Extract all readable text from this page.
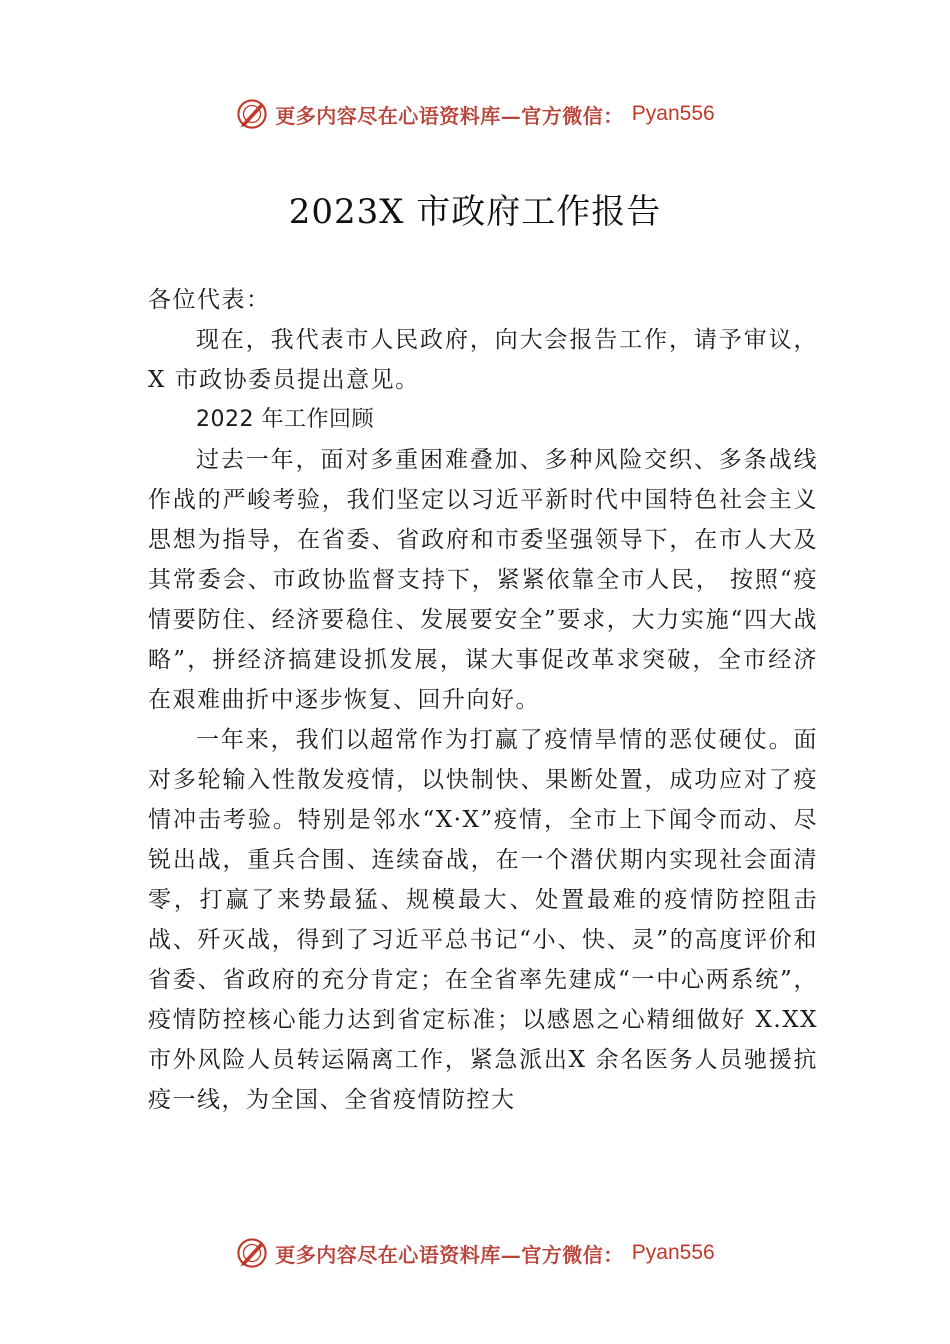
更多内容尽在心语资料库—官方微信： Pyan556
2023X 市政府工作报告

各位代表：

现在，我代表市人民政府，向大会报告工作，请予审议，X 市政协委员提出意见。

2022 年工作回顾

过去一年，面对多重困难叠加、多种风险交织、多条战线作战的严峻考验，我们坚定以习近平新时代中国特色社会主义思想为指导，在省委、省政府和市委坚强领导下，在市人大及其常委会、市政协监督支持下，紧紧依靠全市人民， 按照“疫情要防住、经济要稳住、发展要安全”要求，大力实施“四大战略”，拼经济搞建设抓发展，谋大事促改革求突破，全市经济在艰难曲折中逐步恢复、回升向好。

一年来，我们以超常作为打赢了疫情旱情的恶仗硬仗。面对多轮输入性散发疫情，以快制快、果断处置，成功应对了疫情冲击考验。特别是邻水“X·X”疫情，全市上下闻令而动、尽锐出战，重兵合围、连续奋战，在一个潜伏期内实现社会面清零，打赢了来势最猛、规模最大、处置最难的疫情防控阻击战、歼灭战，得到了习近平总书记“小、快、灵”的高度评价和省委、省政府的充分肯定；在全省率先建成“一中心两系统”，疫情防控核心能力达到省定标准；以感恩之心精细做好 X.XX 市外风险人员转运隔离工作，紧急派出X 余名医务人员驰援抗疫一线，为全国、全省疫情防控大

更多内容尽在心语资料库—官方微信： Pyan556
